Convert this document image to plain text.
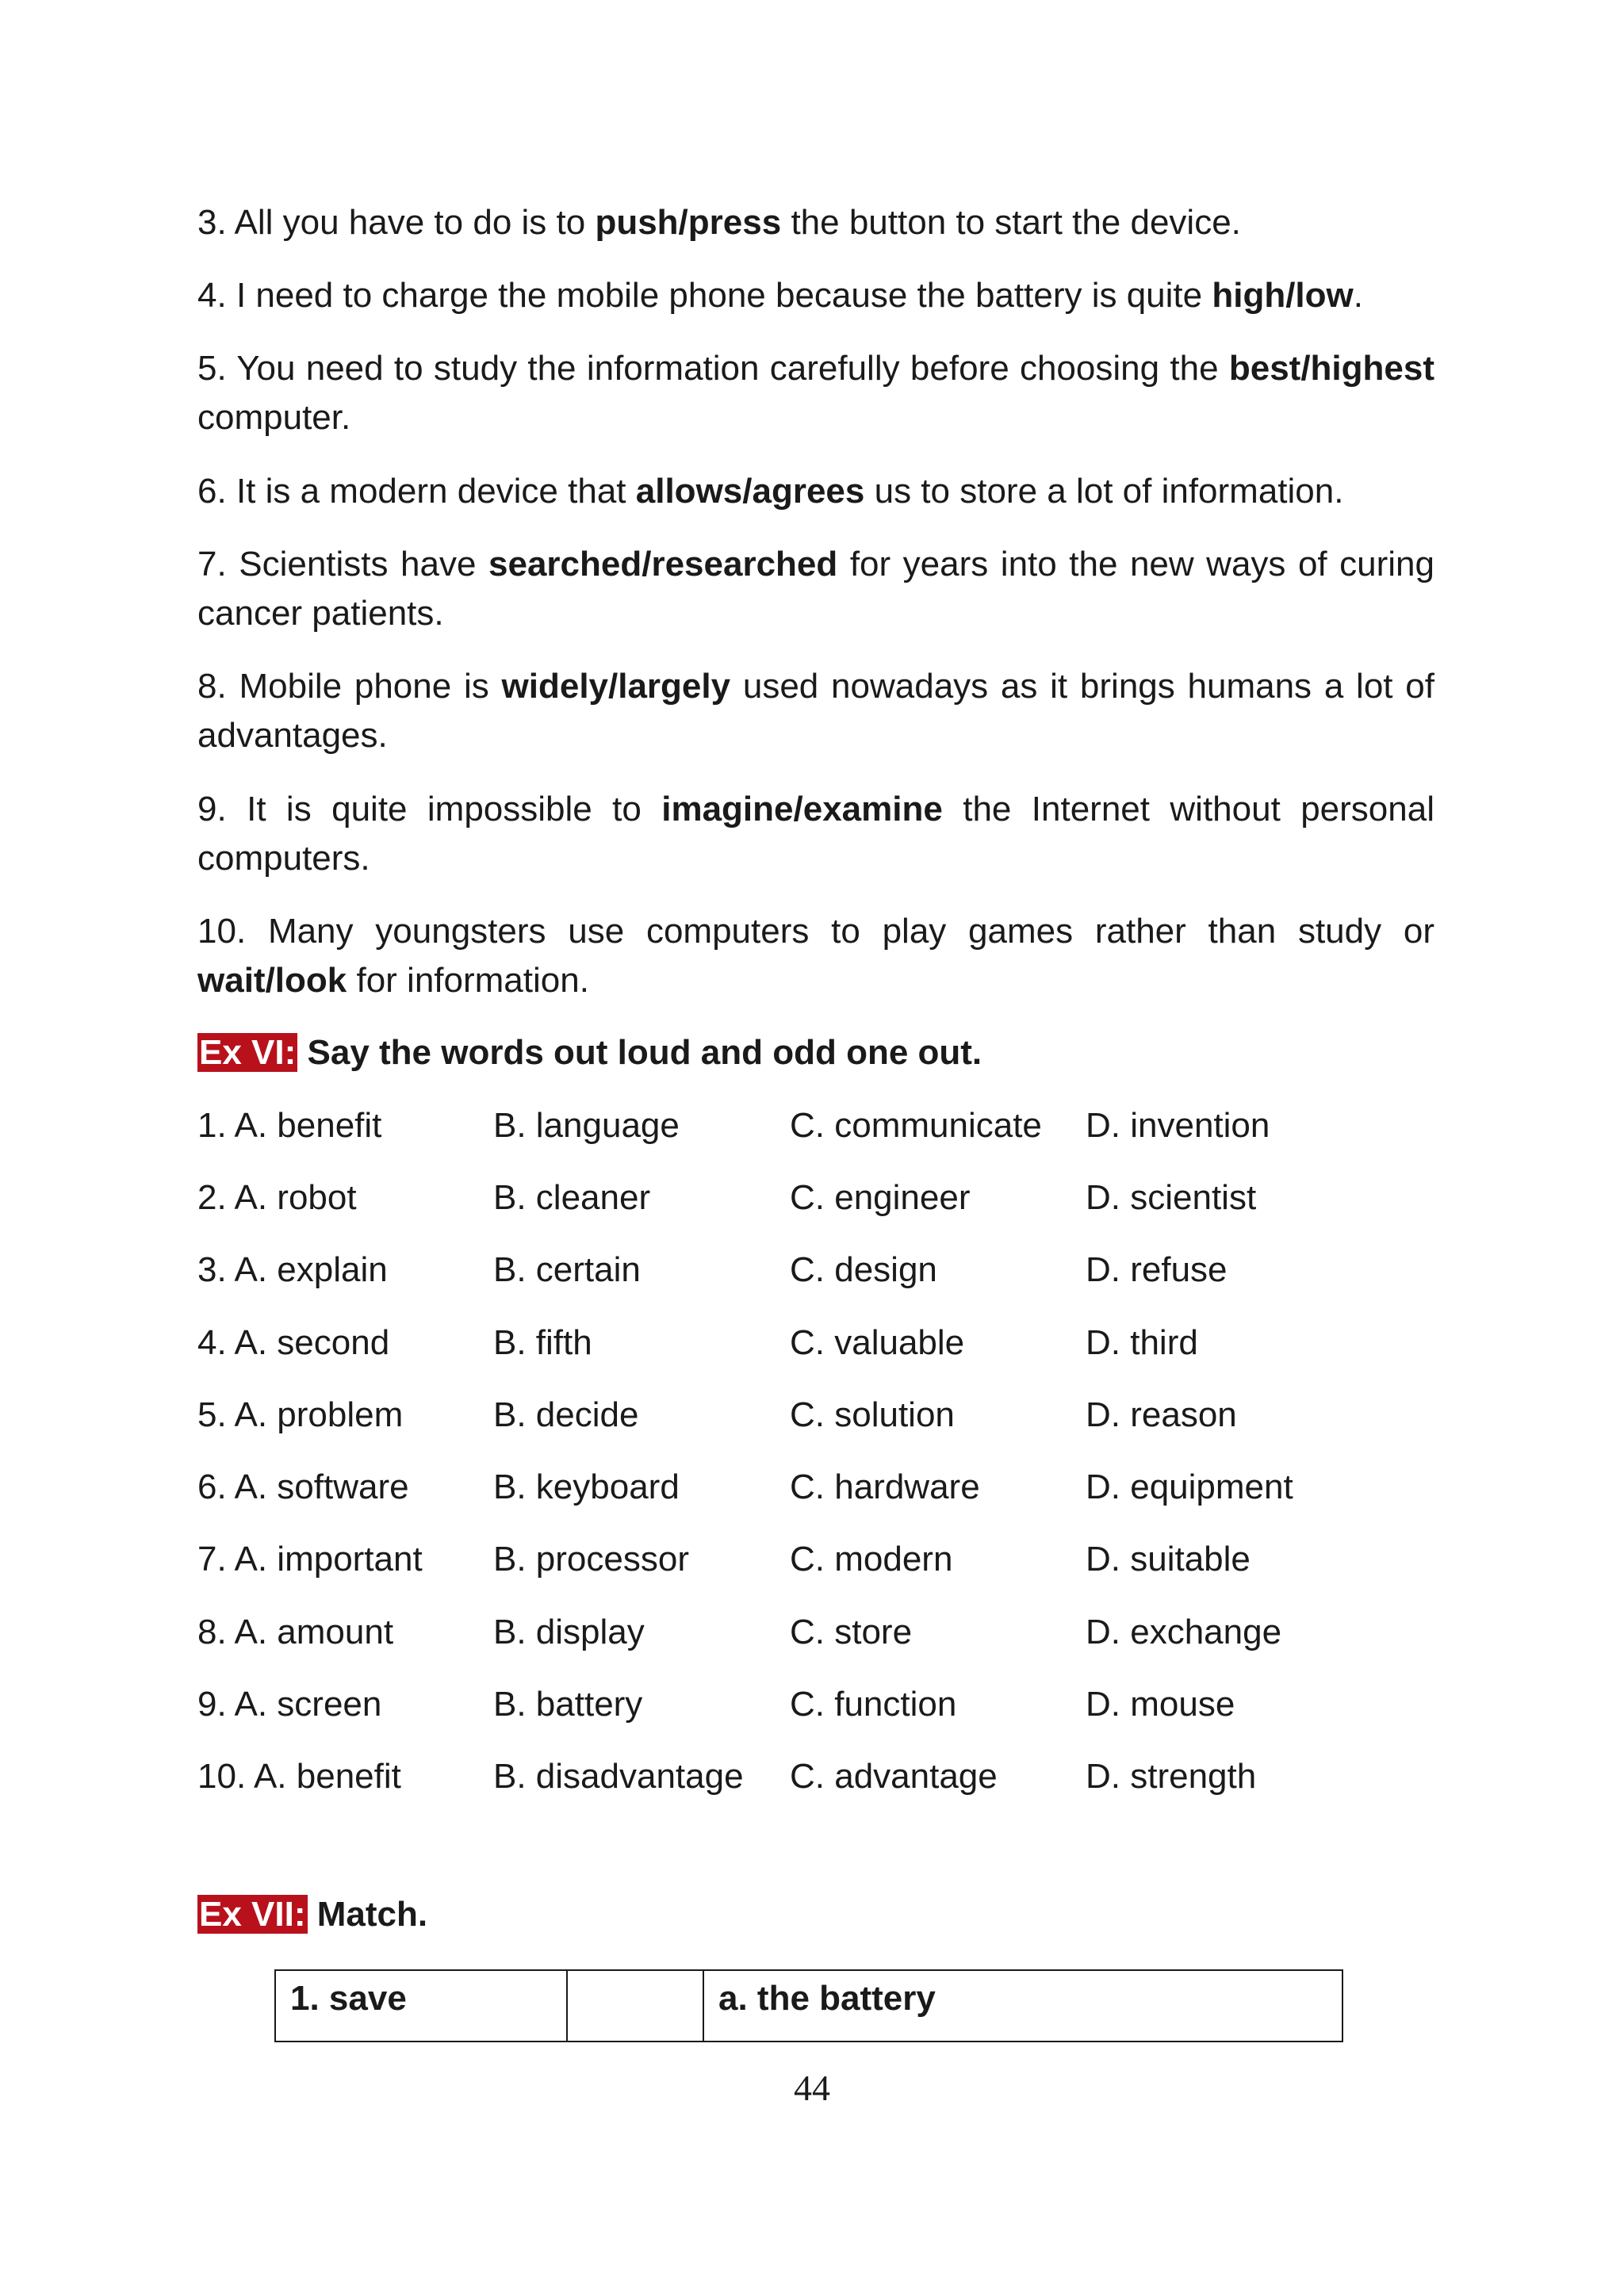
3. All you have to do is to push/press the button to start the device.
4. I need to charge the mobile phone because the battery is quite high/low.
5. You need to study the information carefully before choosing the best/highest computer.
6. It is a modern device that allows/agrees us to store a lot of information.
7. Scientists have searched/researched for years into the new ways of curing cancer patients.
8. Mobile phone is widely/largely used nowadays as it brings humans a lot of advantages.
9. It is quite impossible to imagine/examine the Internet without personal computers.
10. Many youngsters use computers to play games rather than study or wait/look for information.
Ex VI: Say the words out loud and odd one out.
1. A. benefit	B. language	C. communicate D. invention
2. A. robot	B. cleaner	C. engineer	D. scientist
3. A. explain	B. certain	C. design	D. refuse
4. A. second	B. fifth	C. valuable	D. third
5. A. problem	B. decide	C. solution	D. reason
6. A. software B. keyboard	C. hardware	D. equipment
7. A. important B. processor	C. modern	D. suitable
8. A. amount	B. display	C. store	D. exchange
9. A. screen	B. battery	C. function	D. mouse
10. A. benefit	B. disadvantage C. advantage	D. strength
Ex VII: Match.
1. save		a. the battery
44
